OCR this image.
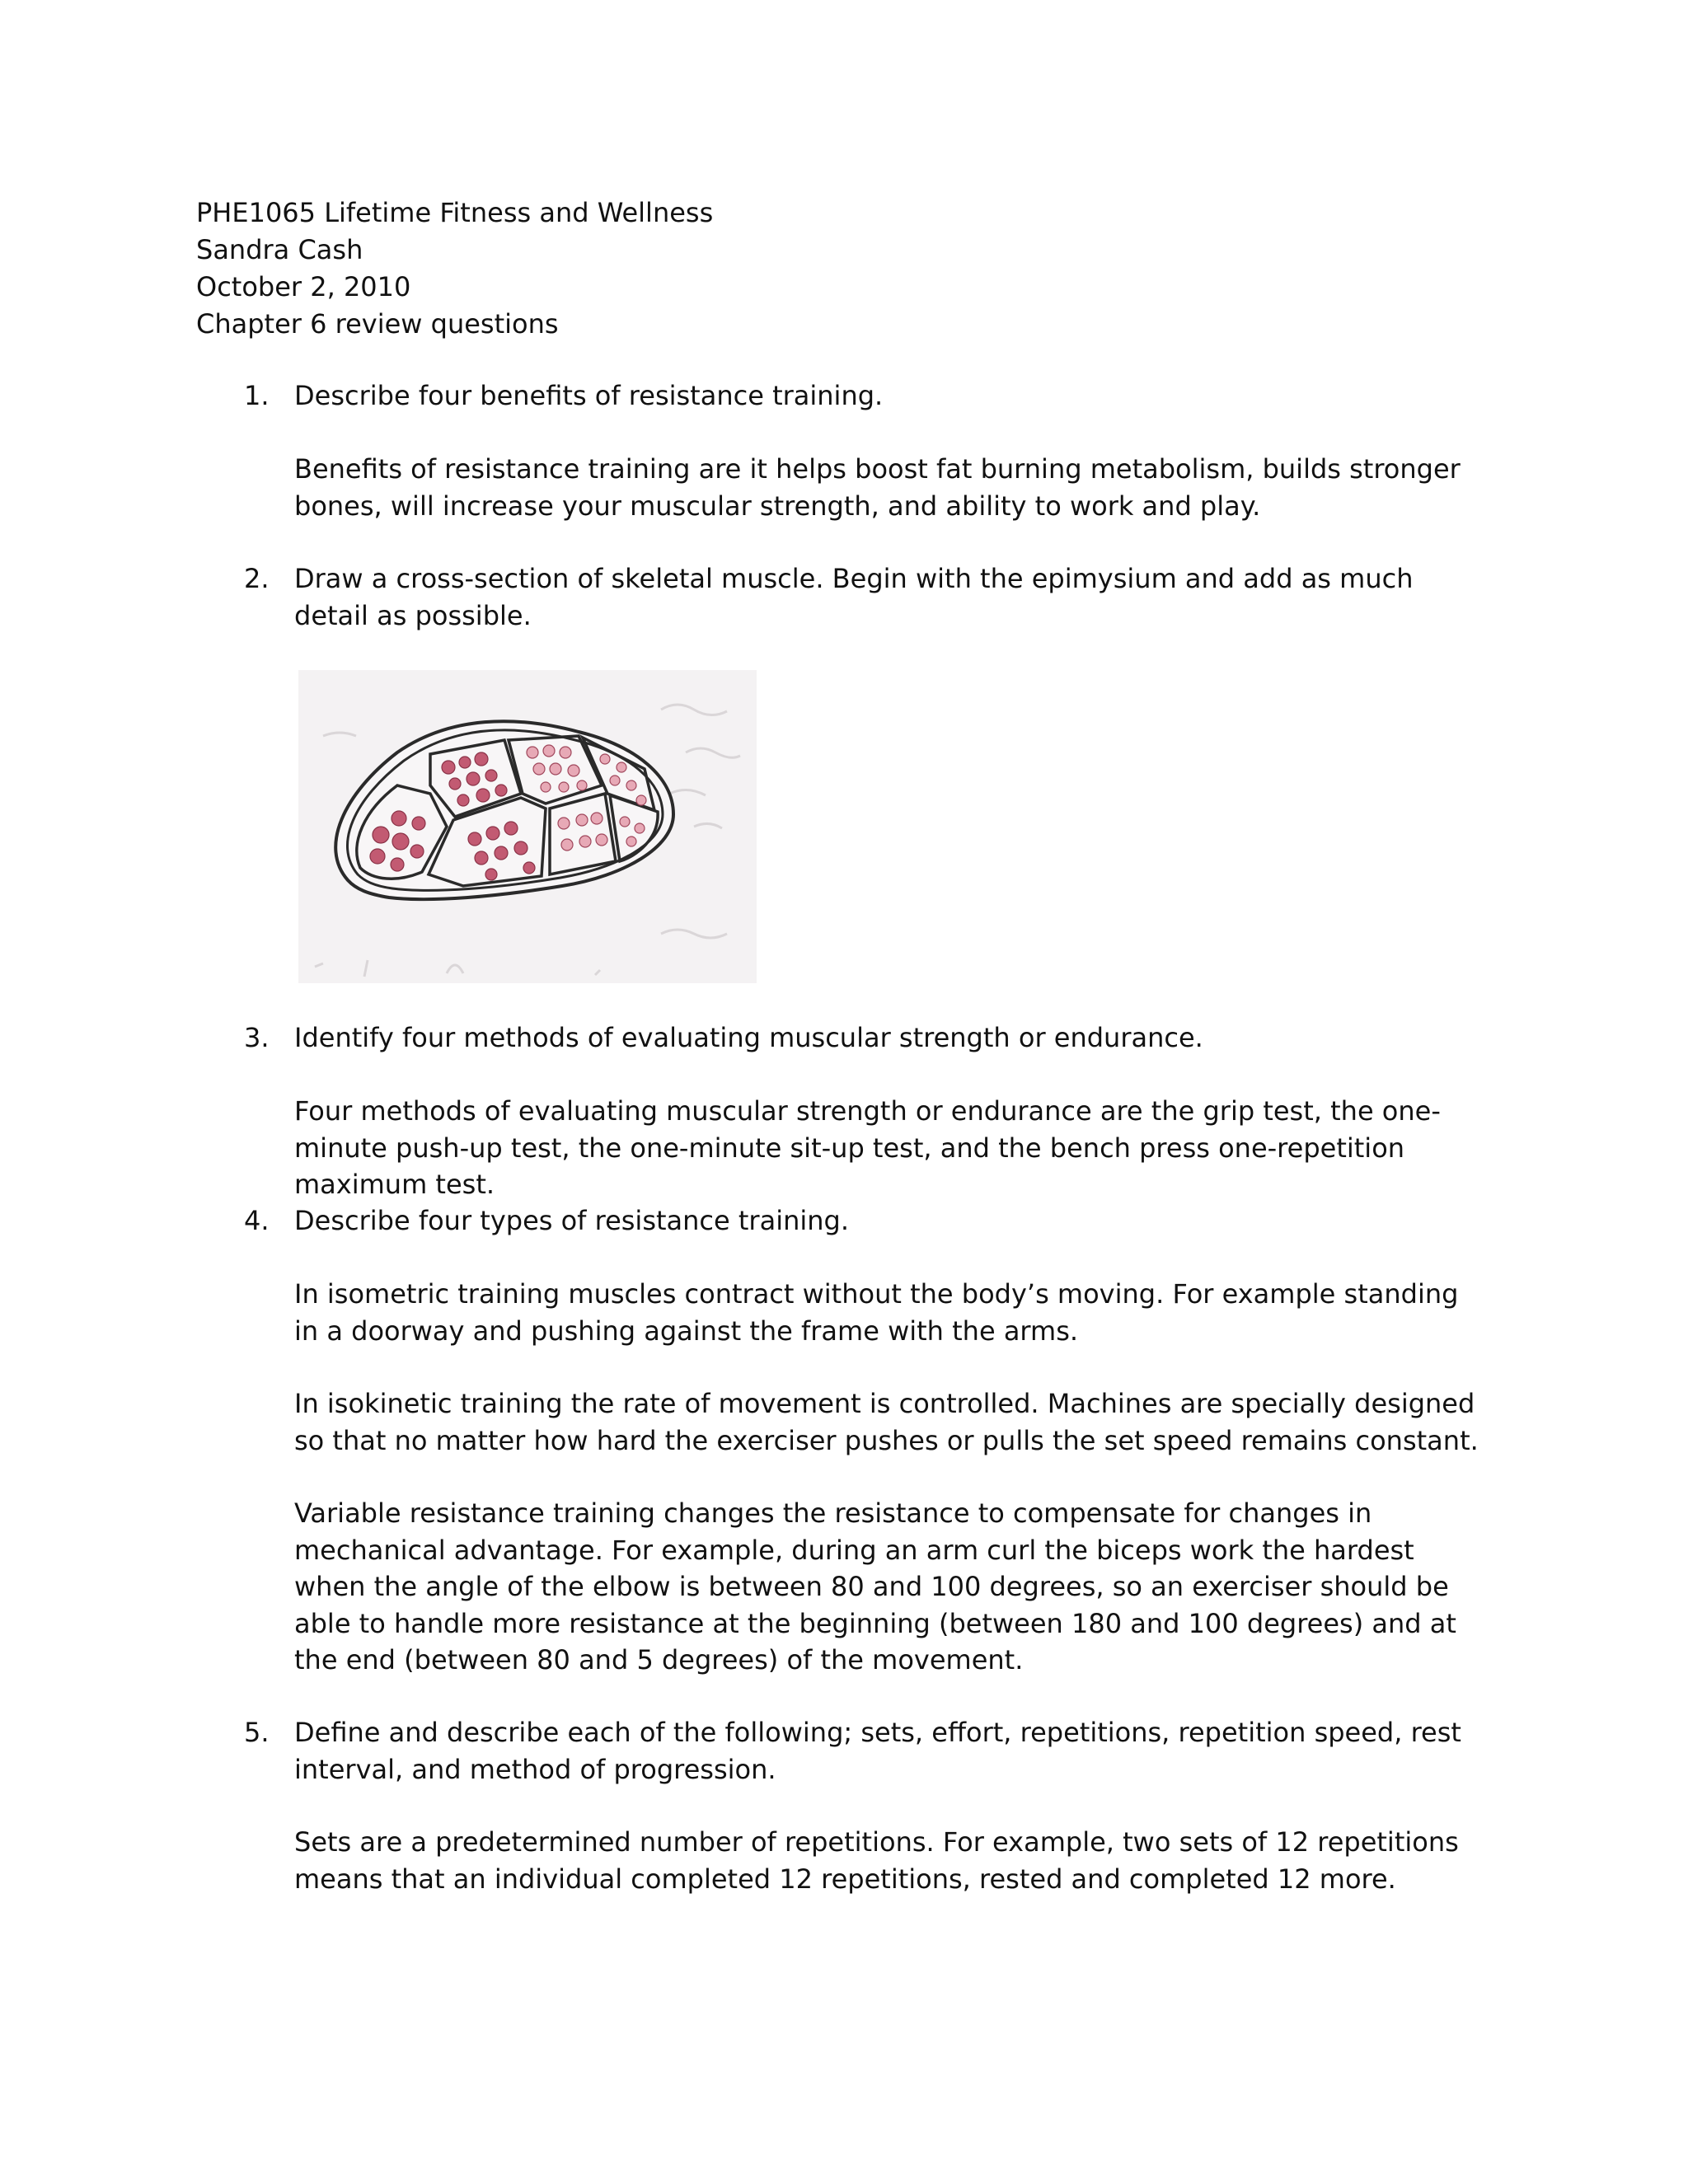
PHE1065 Lifetime Fitness and Wellness
Sandra Cash
October 2, 2010
Chapter 6 review questions
1. Describe four benefits of resistance training.
Benefits of resistance training are it helps boost fat burning metabolism, builds stronger bones, will increase your muscular strength, and ability to work and play.
2. Draw a cross-section of skeletal muscle. Begin with the epimysium and add as much detail as possible.
3. Identify four methods of evaluating muscular strength or endurance.
Four methods of evaluating muscular strength or endurance are the grip test, the one-minute push-up test, the one-minute sit-up test, and the bench press one-repetition maximum test.
4. Describe four types of resistance training.
In isometric training muscles contract without the body’s moving. For example standing in a doorway and pushing against the frame with the arms.
In isokinetic training the rate of movement is controlled. Machines are specially designed so that no matter how hard the exerciser pushes or pulls the set speed remains constant.
Variable resistance training changes the resistance to compensate for changes in mechanical advantage. For example, during an arm curl the biceps work the hardest when the angle of the elbow is between 80 and 100 degrees, so an exerciser should be able to handle more resistance at the beginning (between 180 and 100 degrees) and at the end (between 80 and 5 degrees) of the movement.
5. Define and describe each of the following; sets, effort, repetitions, repetition speed, rest interval, and method of progression.
Sets are a predetermined number of repetitions. For example, two sets of 12 repetitions means that an individual completed 12 repetitions, rested and completed 12 more.
